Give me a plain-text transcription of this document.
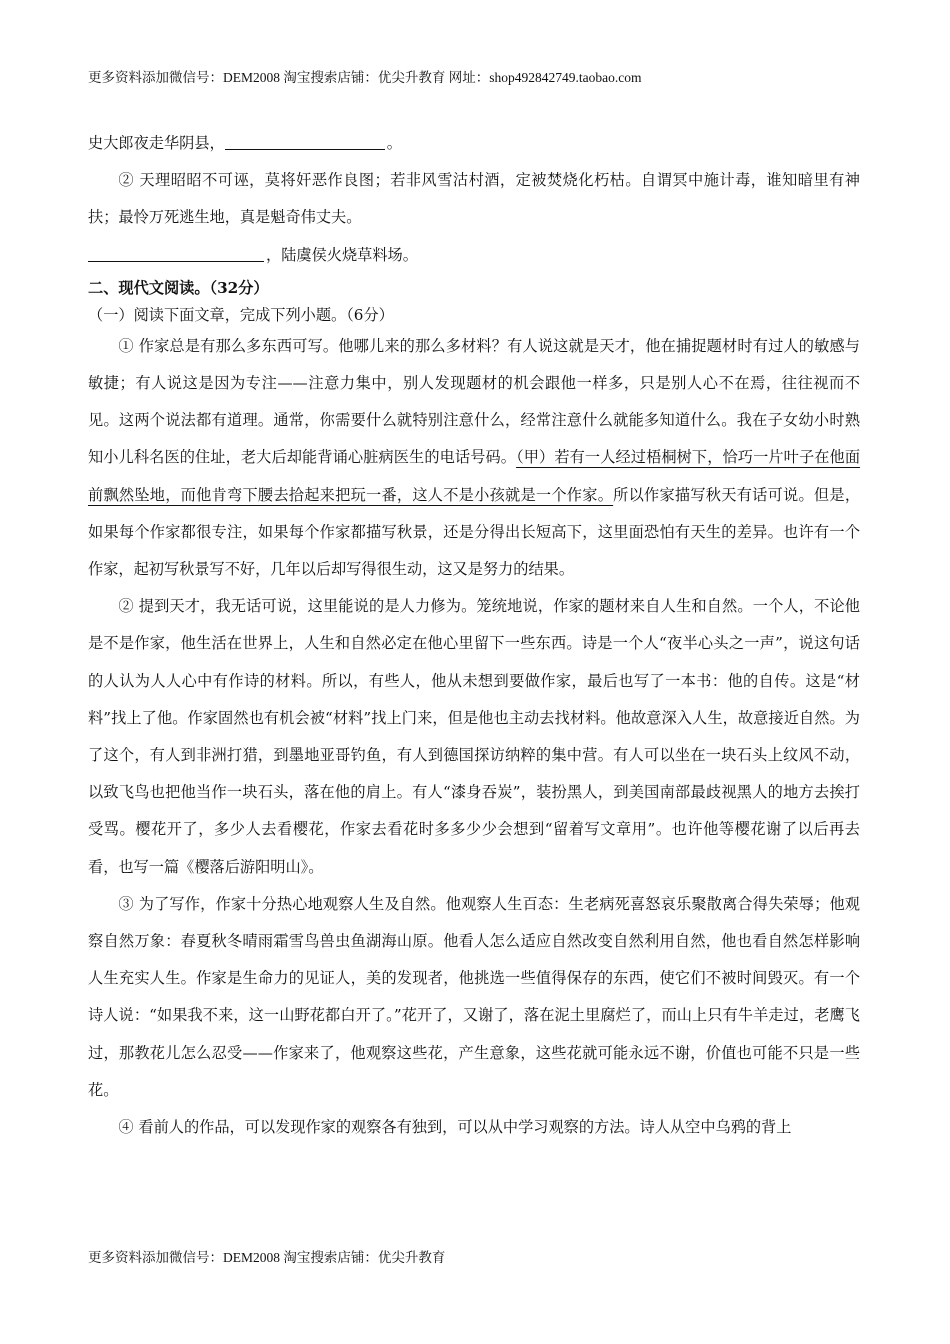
更多资料添加微信号：DEM2008 淘宝搜索店铺：优尖升教育 网址：shop492842749.taobao.com

史大郎夜走华阴县，	。

② 天理昭昭不可诬，莫将奸恶作良图；若非风雪沽村酒，定被焚烧化朽枯。自谓冥中施计毒，谁知暗里有神扶；最怜万死逃生地，真是魁奇伟丈夫。

，陆虞侯火烧草料场。

二、现代文阅读。（32分）

（一）阅读下面文章，完成下列小题。（6分）

① 作家总是有那么多东西可写。他哪儿来的那么多材料？有人说这就是天才，他在捕捉题材时有过人的敏感与敏捷；有人说这是因为专注——注意力集中，别人发现题材的机会跟他一样多，只是别人心不在焉，往往视而不见。这两个说法都有道理。通常，你需要什么就特别注意什么，经常注意什么就能多知道什么。我在子女幼小时熟知小儿科名医的住址，老大后却能背诵心脏病医生的电话号码。（甲）若有一人经过梧桐树下，恰巧一片叶子在他面前飘然坠地，而他肯弯下腰去拾起来把玩一番，这人不是小孩就是一个作家。所以作家描写秋天有话可说。但是，如果每个作家都很专注，如果每个作家都描写秋景，还是分得出长短高下，这里面恐怕有天生的差异。也许有一个作家，起初写秋景写不好，几年以后却写得很生动，这又是努力的结果。

② 提到天才，我无话可说，这里能说的是人力修为。笼统地说，作家的题材来自人生和自然。一个人，不论他是不是作家，他生活在世界上，人生和自然必定在他心里留下一些东西。诗是一个人“夜半心头之一声”，说这句话的人认为人人心中有作诗的材料。所以，有些人，他从未想到要做作家，最后也写了一本书：他的自传。这是“材料”找上了他。作家固然也有机会被“材料”找上门来，但是他也主动去找材料。他故意深入人生，故意接近自然。为了这个，有人到非洲打猎，到墨地亚哥钓鱼，有人到德国探访纳粹的集中营。有人可以坐在一块石头上纹风不动，以致飞鸟也把他当作一块石头，落在他的肩上。有人“漆身吞炭”，装扮黑人，到美国南部最歧视黑人的地方去挨打受骂。樱花开了，多少人去看樱花，作家去看花时多多少少会想到“留着写文章用”。也许他等樱花谢了以后再去看，也写一篇《樱落后游阳明山》。

③ 为了写作，作家十分热心地观察人生及自然。他观察人生百态：生老病死喜怒哀乐聚散离合得失荣辱；他观察自然万象：春夏秋冬晴雨霜雪鸟兽虫鱼湖海山原。他看人怎么适应自然改变自然利用自然，他也看自然怎样影响人生充实人生。作家是生命力的见证人，美的发现者，他挑选一些值得保存的东西，使它们不被时间毁灭。有一个诗人说：“如果我不来，这一山野花都白开了。”花开了，又谢了，落在泥土里腐烂了，而山上只有牛羊走过，老鹰飞过，那教花儿怎么忍受——作家来了，他观察这些花，产生意象，这些花就可能永远不谢，价值也可能不只是一些花。

④ 看前人的作品，可以发现作家的观察各有独到，可以从中学习观察的方法。诗人从空中乌鸦的背上

更多资料添加微信号：DEM2008 淘宝搜索店铺：优尖升教育
